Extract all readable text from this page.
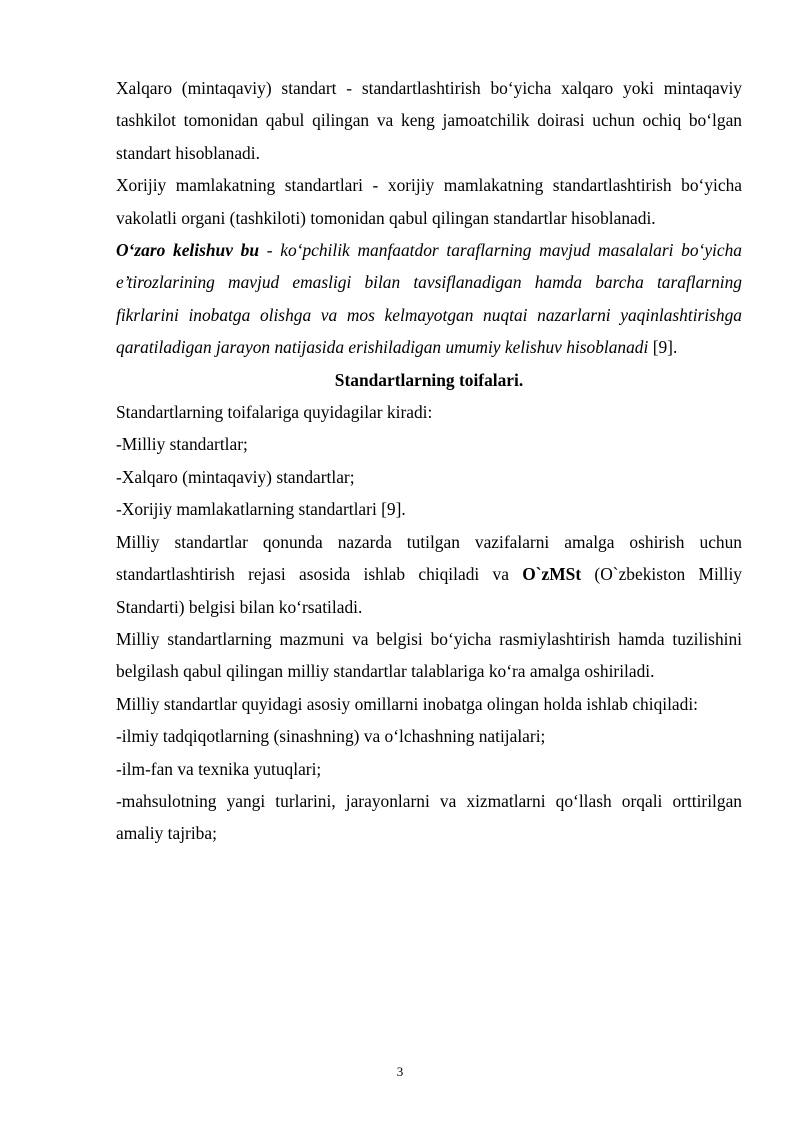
Xalqaro (mintaqaviy) standart - standartlashtirish bo‘yicha xalqaro yoki mintaqaviy tashkilot tomonidan qabul qilingan va keng jamoatchilik doirasi uchun ochiq bo‘lgan standart hisoblanadi.

Xorijiy mamlakatning standartlari - xorijiy mamlakatning standartlashtirish bo‘yicha vakolatli organi (tashkiloti) tomonidan qabul qilingan standartlar hisoblanadi.

O‘zaro kelishuv bu - ko‘pchilik manfaatdor taraflarning mavjud masalalari bo‘yicha e’tirozlarining mavjud emasligi bilan tavsiflanadigan hamda barcha taraflarning fikrlarini inobatga olishga va mos kelmayotgan nuqtai nazarlarni yaqinlashtirishga qaratiladigan jarayon natijasida erishiladigan umumiy kelishuv hisoblanadi [9].

Standartlarning toifalari.

Standartlarning toifalariga quyidagilar kiradi:

-Milliy standartlar;

-Xalqaro (mintaqaviy) standartlar;

-Xorijiy mamlakatlarning standartlari [9].

Milliy standartlar qonunda nazarda tutilgan vazifalarni amalga oshirish uchun standartlashtirish rejasi asosida ishlab chiqiladi va O`zMSt (O`zbekiston Milliy Standarti) belgisi bilan ko‘rsatiladi.

Milliy standartlarning mazmuni va belgisi bo‘yicha rasmiylashtirish hamda tuzilishini belgilash qabul qilingan milliy standartlar talablariga ko‘ra amalga oshiriladi.

Milliy standartlar quyidagi asosiy omillarni inobatga olingan holda ishlab chiqiladi:

-ilmiy tadqiqotlarning (sinashning) va o‘lchashning natijalari;

-ilm-fan va texnika yutuqlari;

-mahsulotning yangi turlarini, jarayonlarni va xizmatlarni qo‘llash orqali orttirilgan amaliy tajriba;

3
